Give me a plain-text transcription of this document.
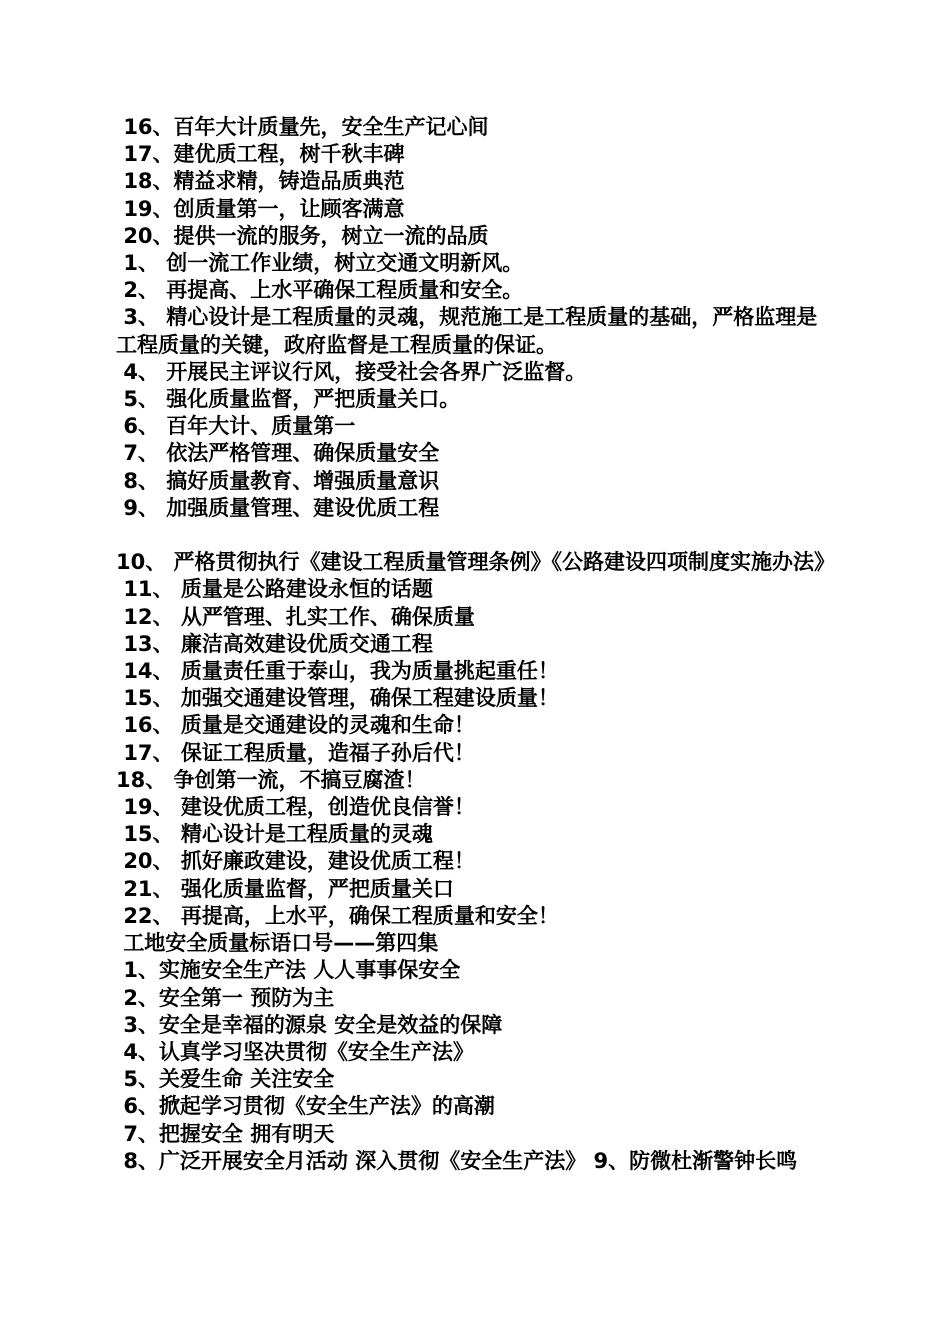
16、百年大计质量先，安全生产记心间
17、建优质工程，树千秋丰碑
18、精益求精，铸造品质典范
19、创质量第一，让顾客满意
20、提供一流的服务，树立一流的品质
1、 创一流工作业绩，树立交通文明新风。
2、 再提高、上水平确保工程质量和安全。
3、 精心设计是工程质量的灵魂，规范施工是工程质量的基础，严格监理是工程质量的关键，政府监督是工程质量的保证。
4、 开展民主评议行风，接受社会各界广泛监督。
5、 强化质量监督，严把质量关口。
6、 百年大计、质量第一
7、 依法严格管理、确保质量安全
8、 搞好质量教育、增强质量意识
9、 加强质量管理、建设优质工程
10、 严格贯彻执行《建设工程质量管理条例》《公路建设四项制度实施办法》
11、 质量是公路建设永恒的话题
12、 从严管理、扎实工作、确保质量
13、 廉洁高效建设优质交通工程
14、 质量责任重于泰山，我为质量挑起重任！
15、 加强交通建设管理，确保工程建设质量！
16、 质量是交通建设的灵魂和生命！
17、 保证工程质量，造福子孙后代！
18、 争创第一流，不搞豆腐渣！
19、 建设优质工程，创造优良信誉！
15、 精心设计是工程质量的灵魂
20、 抓好廉政建设，建设优质工程！
21、 强化质量监督，严把质量关口
22、 再提高，上水平，确保工程质量和安全！
工地安全质量标语口号——第四集
1、实施安全生产法 人人事事保安全
2、安全第一 预防为主
3、安全是幸福的源泉 安全是效益的保障
4、认真学习坚决贯彻《安全生产法》
5、关爱生命 关注安全
6、掀起学习贯彻《安全生产法》的高潮
7、把握安全 拥有明天
8、广泛开展安全月活动 深入贯彻《安全生产法》 9、防微杜渐警钟长鸣
